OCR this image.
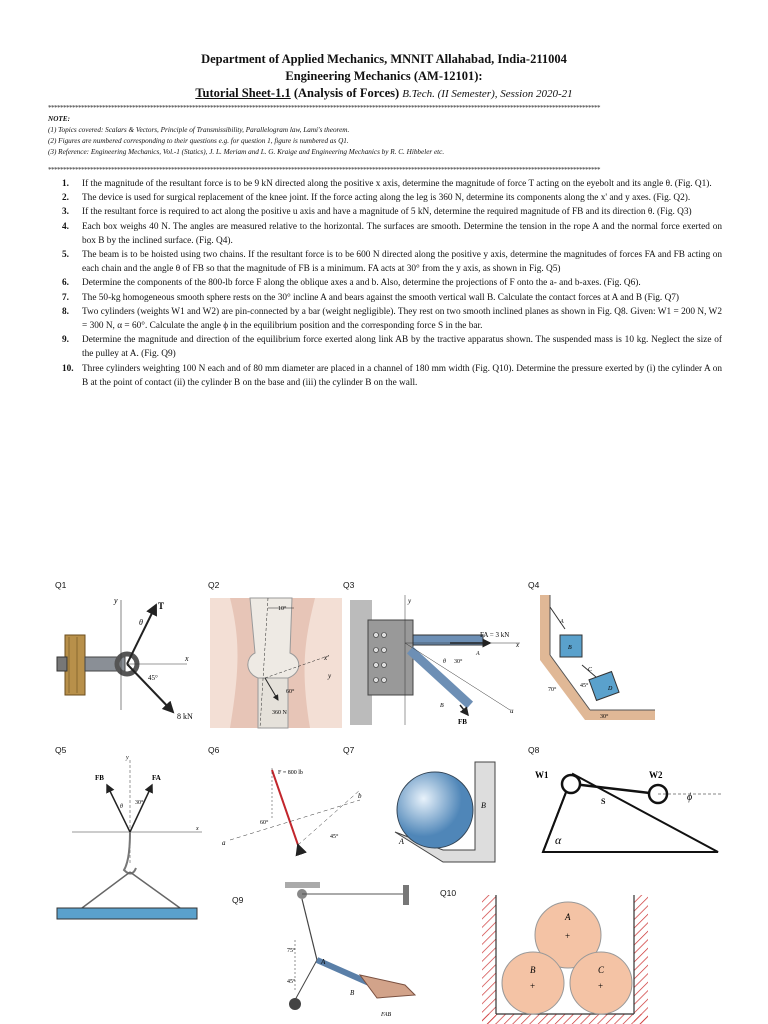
Department of Applied Mechanics, MNNIT Allahabad, India-211004
Engineering Mechanics (AM-12101):
Tutorial Sheet-1.1 (Analysis of Forces) B.Tech. (II Semester), Session 2020-21
****************************************************************************************************************************************************************************************
NOTE:
(1) Topics covered: Scalars & Vectors, Principle of Transmissibility, Parallelogram law, Lami's theorem.
(2) Figures are numbered corresponding to their questions e.g. for question 1, figure is numbered as Q1.
(3) Reference: Engineering Mechanics, Vol.-1 (Statics), J. L. Meriam and L. G. Kraige and Engineering Mechanics by R. C. Hibbeler etc.
****************************************************************************************************************************************************************************************
1. If the magnitude of the resultant force is to be 9 kN directed along the positive x axis, determine the magnitude of force T acting on the eyebolt and its angle θ. (Fig. Q1).
2. The device is used for surgical replacement of the knee joint. If the force acting along the leg is 360 N, determine its components along the x' and y axes. (Fig. Q2).
3. If the resultant force is required to act along the positive u axis and have a magnitude of 5 kN, determine the required magnitude of FB and its direction θ. (Fig. Q3)
4. Each box weighs 40 N. The angles are measured relative to the horizontal. The surfaces are smooth. Determine the tension in the rope A and the normal force exerted on box B by the inclined surface. (Fig. Q4).
5. The beam is to be hoisted using two chains. If the resultant force is to be 600 N directed along the positive y axis, determine the magnitudes of forces FA and FB acting on each chain and the angle θ of FB so that the magnitude of FB is a minimum. FA acts at 30° from the y axis, as shown in Fig. Q5)
6. Determine the components of the 800-lb force F along the oblique axes a and b. Also, determine the projections of F onto the a- and b-axes. (Fig. Q6).
7. The 50-kg homogeneous smooth sphere rests on the 30° incline A and bears against the smooth vertical wall B. Calculate the contact forces at A and B (Fig. Q7)
8. Two cylinders (weights W1 and W2) are pin-connected by a bar (weight negligible). They rest on two smooth inclined planes as shown in Fig. Q8. Given: W1 = 200 N, W2 = 300 N, α = 60°. Calculate the angle ϕ in the equilibrium position and the corresponding force S in the bar.
9. Determine the magnitude and direction of the equilibrium force exerted along link AB by the tractive apparatus shown. The suspended mass is 10 kg. Neglect the size of the pulley at A. (Fig. Q9)
10. Three cylinders weighting 100 N each and of 80 mm diameter are placed in a channel of 180 mm width (Fig. Q10). Determine the pressure exerted by (i) the cylinder A on B at the point of contact (ii) the cylinder B on the base and (iii) the cylinder B on the wall.
Q1	Q2	Q3	Q4
Q5	Q6	Q7	Q8
Q9
Q10
T
θ
y
x
45°
8 kN
10°
60°
360 N
x'
y
FA = 3 kN
30°
θ
FB
A
B
x
y
u
A
B
C
D
45°
70°
30°
FB	FA
30°
θ
y
x
F = 800 lb
60°
45°
a
b
B
A
W1	W2
S	ϕ
α
75°
45°
A
B
FAB
A
B	C
+
+	+
